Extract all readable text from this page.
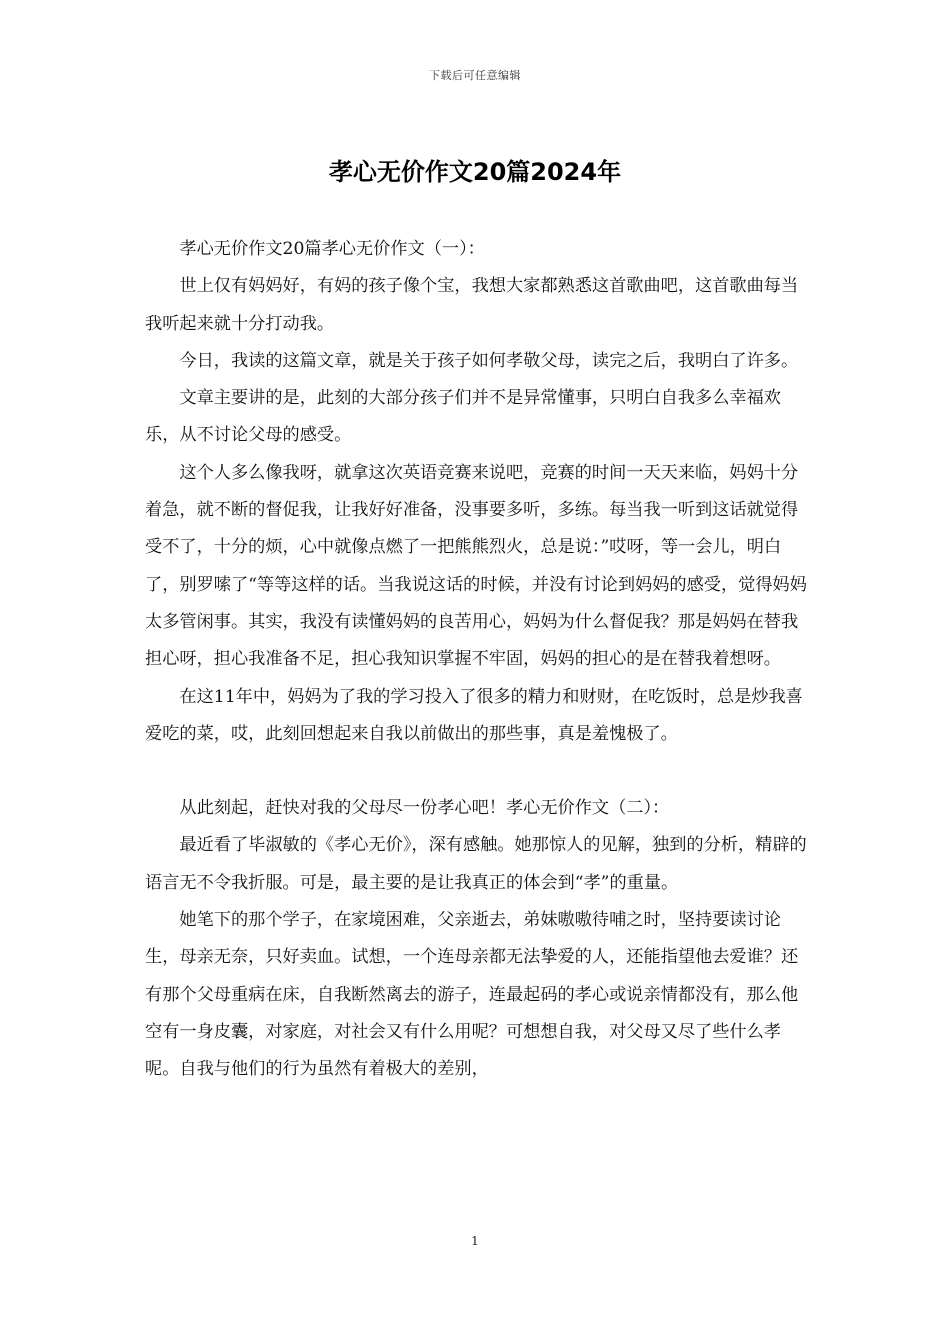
下载后可任意编辑
孝心无价作文20篇2024年

孝心无价作文20篇孝心无价作文（一）：

世上仅有妈妈好，有妈的孩子像个宝，我想大家都熟悉这首歌曲吧，这首歌曲每当我听起来就十分打动我。

今日，我读的这篇文章，就是关于孩子如何孝敬父母，读完之后，我明白了许多。

文章主要讲的是，此刻的大部分孩子们并不是异常懂事，只明白自我多么幸福欢乐，从不讨论父母的感受。

这个人多么像我呀，就拿这次英语竞赛来说吧，竞赛的时间一天天来临，妈妈十分着急，就不断的督促我，让我好好准备，没事要多听，多练。每当我一听到这话就觉得受不了，十分的烦，心中就像点燃了一把熊熊烈火，总是说：”哎呀，等一会儿，明白了，别罗嗦了“等等这样的话。当我说这话的时候，并没有讨论到妈妈的感受，觉得妈妈太多管闲事。其实，我没有读懂妈妈的良苦用心，妈妈为什么督促我？那是妈妈在替我担心呀，担心我准备不足，担心我知识掌握不牢固，妈妈的担心的是在替我着想呀。

在这11年中，妈妈为了我的学习投入了很多的精力和财财，在吃饭时，总是炒我喜爱吃的菜，哎，此刻回想起来自我以前做出的那些事，真是羞愧极了。

从此刻起，赶快对我的父母尽一份孝心吧！孝心无价作文（二）：

最近看了毕淑敏的《孝心无价》，深有感触。她那惊人的见解，独到的分析，精辟的语言无不令我折服。可是，最主要的是让我真正的体会到“孝”的重量。

她笔下的那个学子，在家境困难，父亲逝去，弟妹嗷嗷待哺之时，坚持要读讨论生，母亲无奈，只好卖血。试想，一个连母亲都无法挚爱的人，还能指望他去爱谁？还有那个父母重病在床，自我断然离去的游子，连最起码的孝心或说亲情都没有，那么他空有一身皮囊，对家庭，对社会又有什么用呢？可想想自我，对父母又尽了些什么孝呢。自我与他们的行为虽然有着极大的差别，

1
